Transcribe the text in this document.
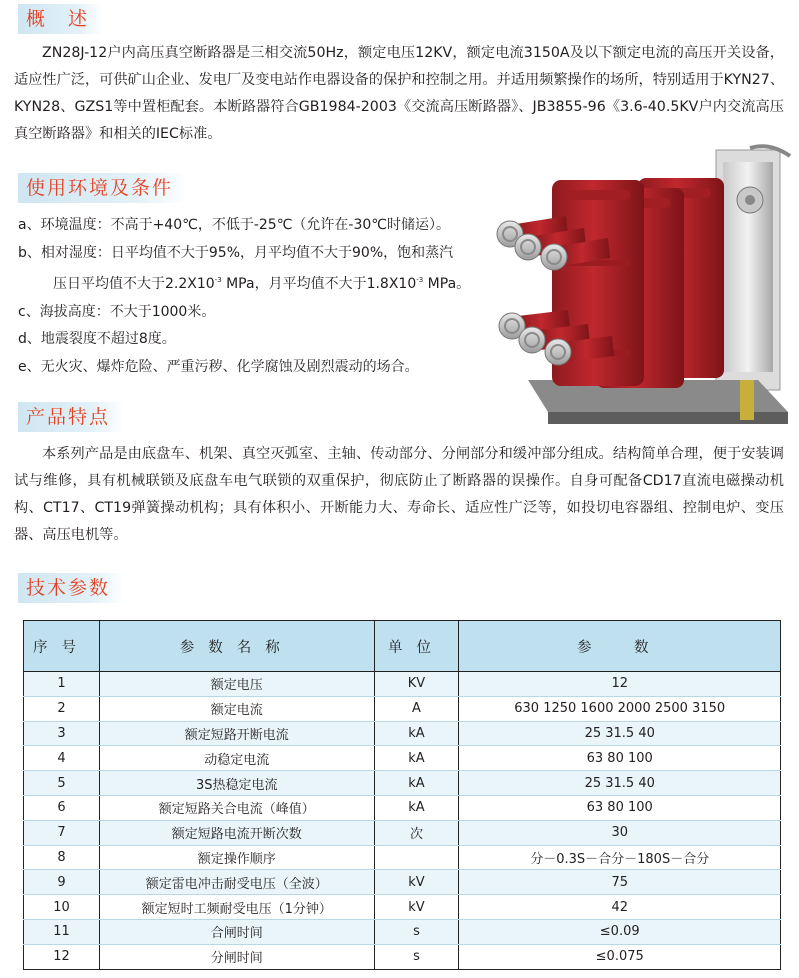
概　述

ZN28J-12户内高压真空断路器是三相交流50Hz，额定电压12KV，额定电流3150A及以下额定电流的高压开关设备，适应性广泛，可供矿山企业、发电厂及变电站作电器设备的保护和控制之用。并适用频繁操作的场所，特别适用于KYN27、KYN28、GZS1等中置柜配套。本断路器符合GB1984-2003《交流高压断路器》、JB3855-96《3.6-40.5KV户内交流高压真空断路器》和相关的IEC标准。

使用环境及条件
a、环境温度：不高于+40℃，不低于-25℃（允许在-30℃时储运）。
b、相对湿度：日平均值不大于95%，月平均值不大于90%，饱和蒸汽
压日平均值不大于$2.2X10^{-3}$ MPa，月平均值不大于$1.8X10^{-3}$ MPa。
c、海拔高度：不大于1000米。
d、地震裂度不超过8度。
e、无火灾、爆炸危险、严重污秽、化学腐蚀及剧烈震动的场合。
产品特点

本系列产品是由底盘车、机架、真空灭弧室、主轴、传动部分、分闸部分和缓冲部分组成。结构简单合理，便于安装调试与维修，具有机械联锁及底盘车电气联锁的双重保护，彻底防止了断路器的误操作。自身可配备CD17直流电磁操动机构、CT17、CT19弹簧操动机构；具有体积小、开断能力大、寿命长、适应性广泛等，如投切电容器组、控制电炉、变压器、高压电机等。

技术参数
序号	参数名称	单位	参　数
1	额定电压	KV	12
2	额定电流	A	630 1250 1600 2000 2500 3150
3	额定短路开断电流	kA	25 31.5 40
4	动稳定电流	kA	63 80 100
5	3S热稳定电流	kA	25 31.5 40
6	额定短路关合电流（峰值）	kA	63 80 100
7	额定短路电流开断次数	次	30
8	额定操作顺序		分－0.3S－合分－180S－合分
9	额定雷电冲击耐受电压（全波）	kV	75
10	额定短时工频耐受电压（1分钟）	kV	42
11	合闸时间	s	≤0.09
12	分闸时间	s	≤0.075
